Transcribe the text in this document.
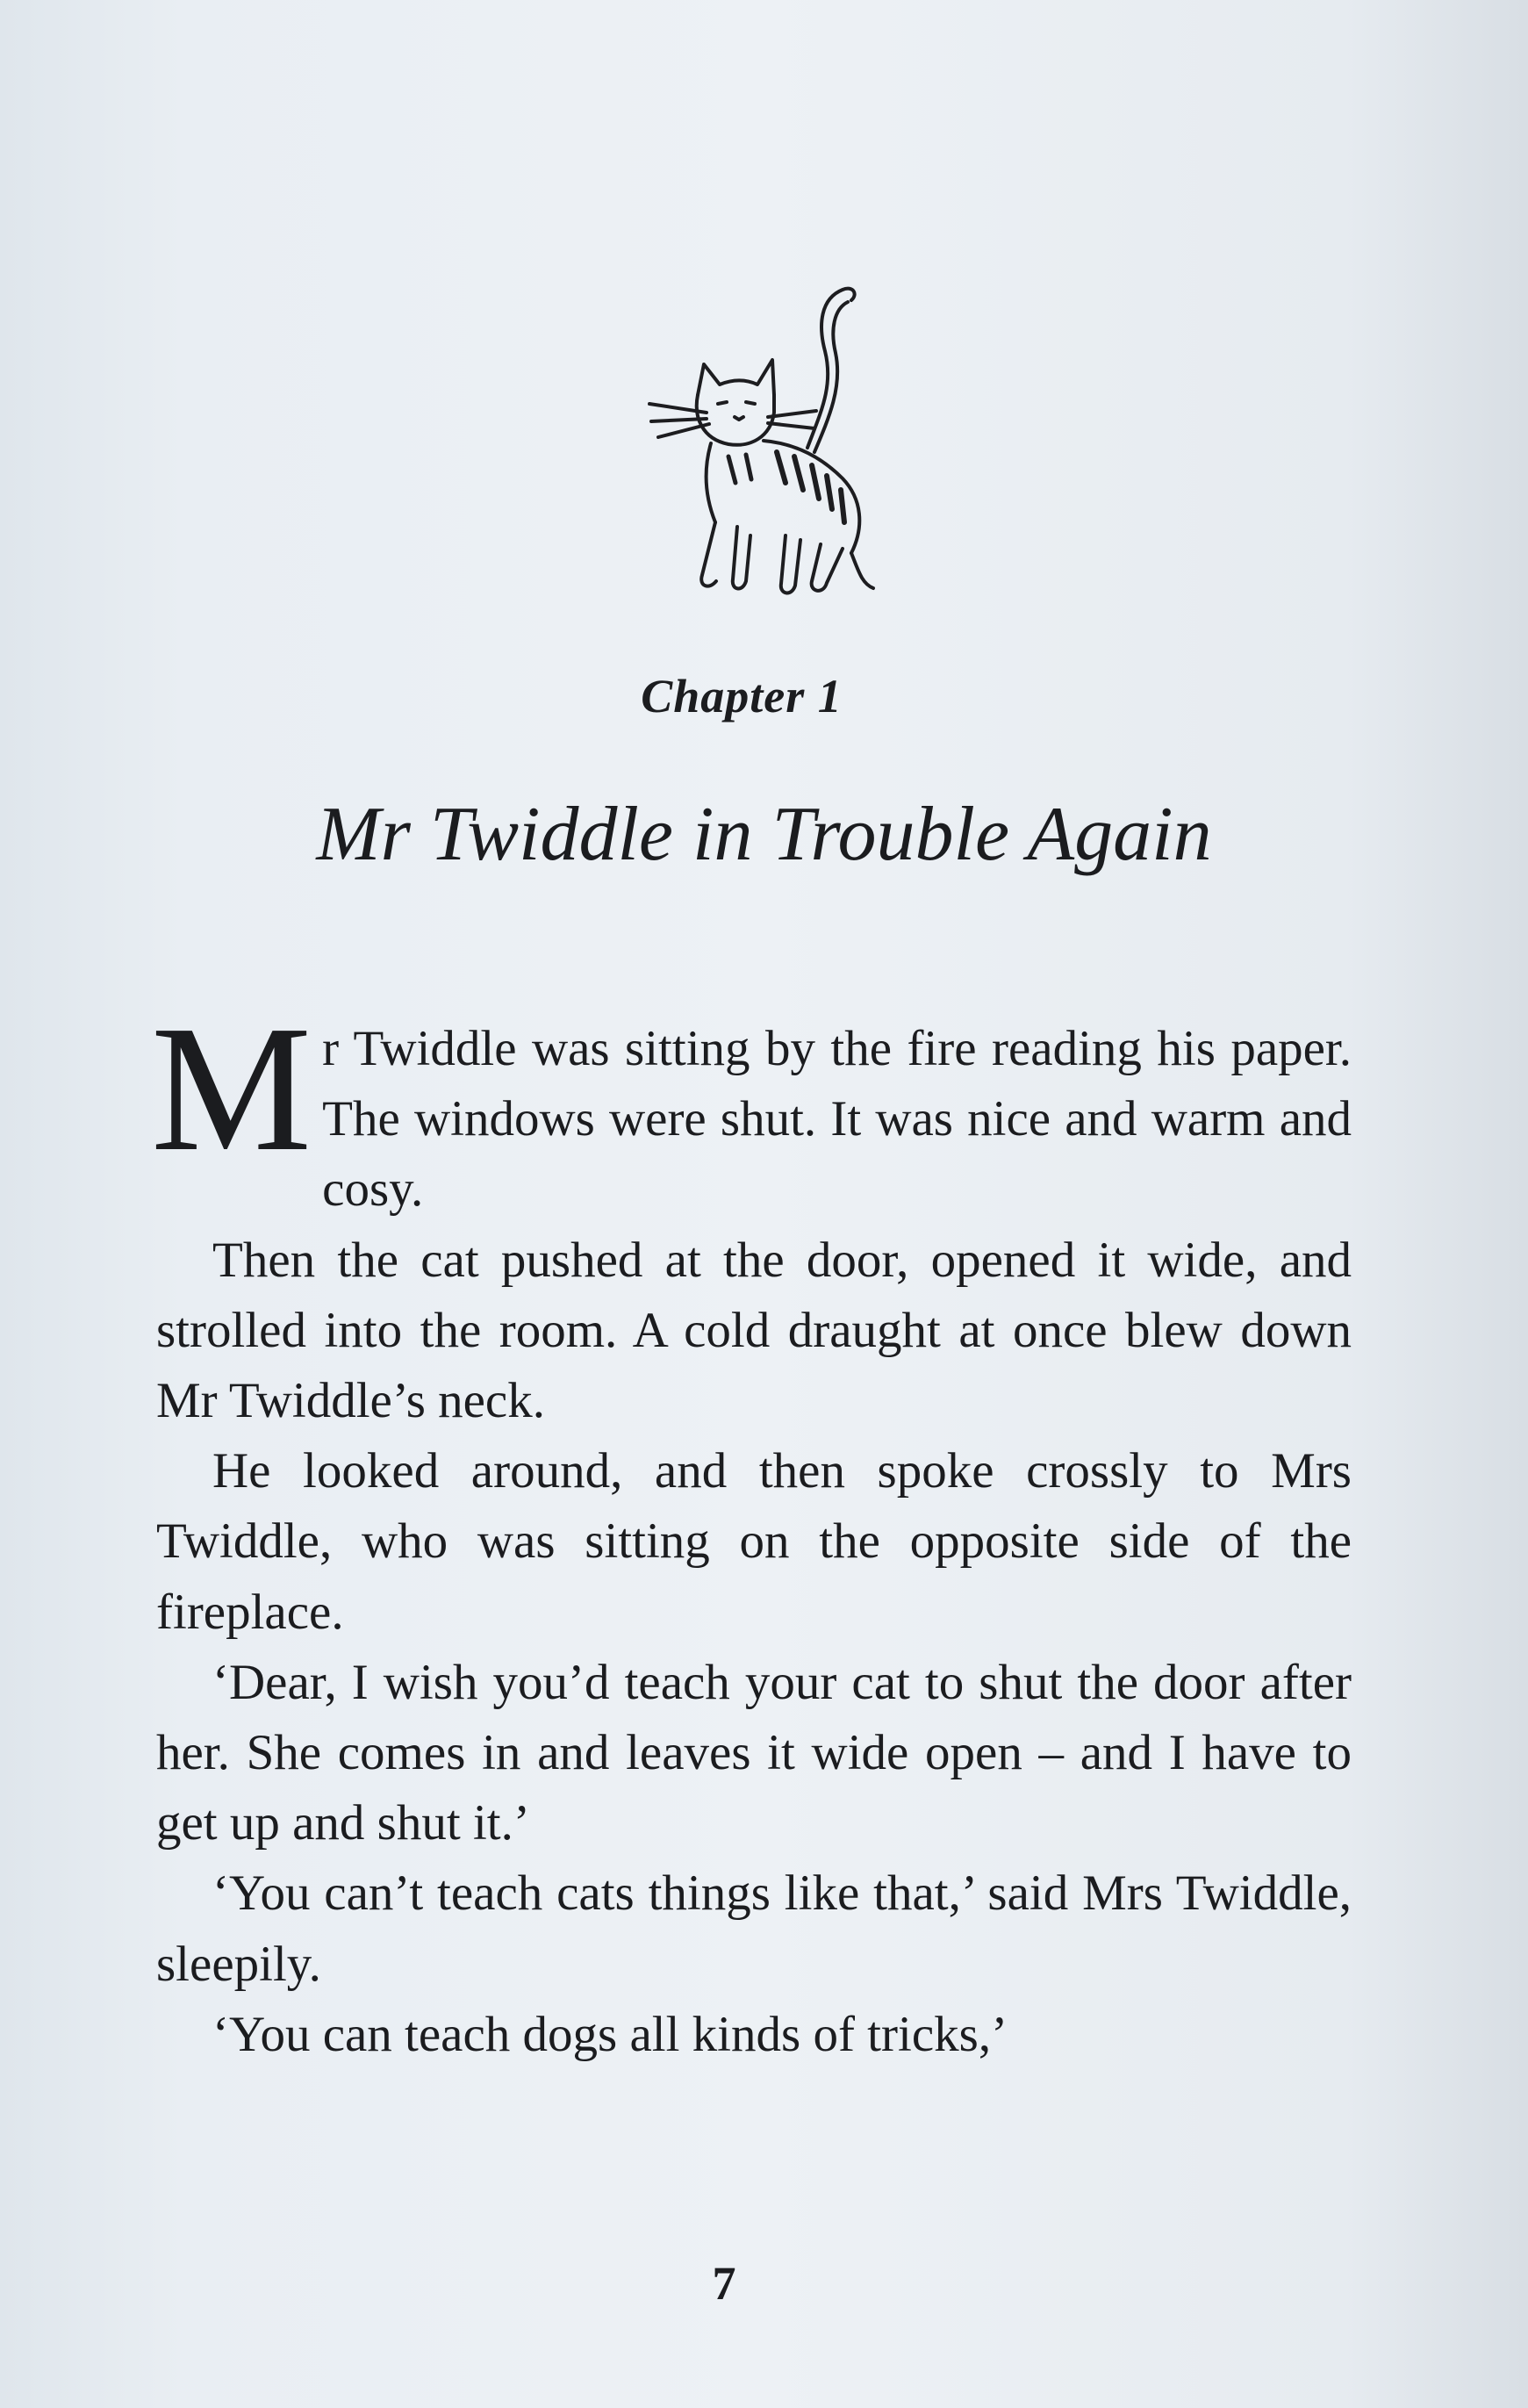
Chapter 1
Mr Twiddle in Trouble Again

Mr Twiddle was sitting by the fire reading his paper. The windows were shut. It was nice and warm and cosy.

Then the cat pushed at the door, opened it wide, and strolled into the room. A cold draught at once blew down Mr Twiddle’s neck.

He looked around, and then spoke crossly to Mrs Twiddle, who was sitting on the opposite side of the fireplace.

‘Dear, I wish you’d teach your cat to shut the door after her. She comes in and leaves it wide open – and I have to get up and shut it.’

‘You can’t teach cats things like that,’ said Mrs Twiddle, sleepily.

‘You can teach dogs all kinds of tricks,’

7
